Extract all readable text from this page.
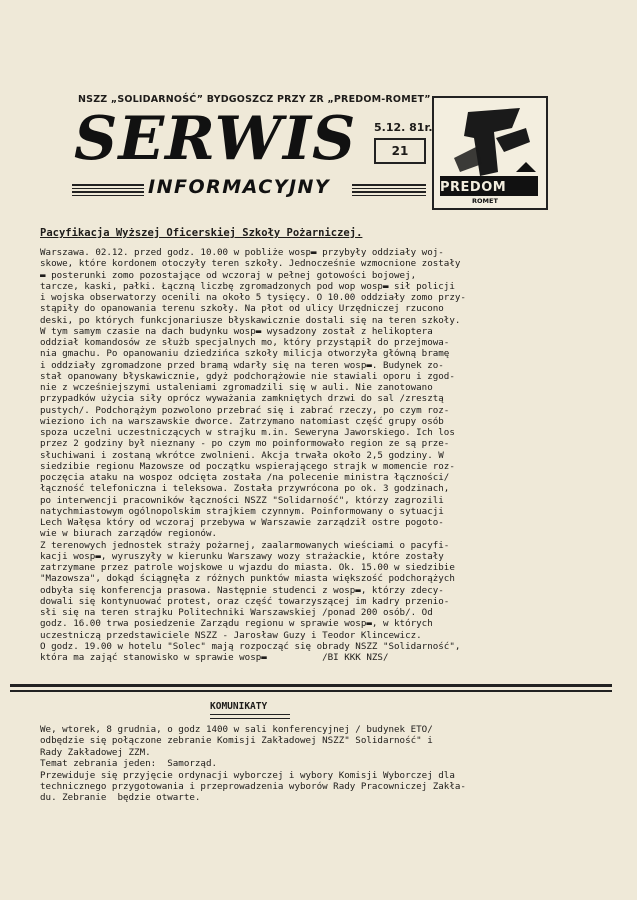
NSZZ „SOLIDARNOŚĆ” BYDGOSZCZ PRZY ZR „PREDOM-ROMET”
SERWIS
INFORMACYJNY
5.12. 81r.
21
PREDOM
ROMET
Pacyfikacja Wyższej Oficerskiej Szkoły Pożarniczej.
Warszawa. 02.12. przed godz. 10.00 w pobliże wosp▬ przybyły oddziały woj-
skowe, które kordonem otoczyły teren szkoły. Jednocześnie wzmocnione zostały
▬ posterunki zomo pozostające od wczoraj w pełnej gotowości bojowej,
tarcze, kaski, pałki. Łączną liczbę zgromadzonych pod wop wosp▬ sił policji
i wojska obserwatorzy ocenili na około 5 tysięcy. O 10.00 oddziały zomo przy-
stąpiły do opanowania terenu szkoły. Na płot od ulicy Urzędniczej rzucono
deski, po których funkcjonariusze błyskawicznie dostali się na teren szkoły.
W tym samym czasie na dach budynku wosp▬ wysadzony został z helikoptera
oddział komandosów ze służb specjalnych mo, który przystąpił do przejmowa-
nia gmachu. Po opanowaniu dziedzińca szkoły milicja otworzyła główną bramę
i oddziały zgromadzone przed bramą wdarły się na teren wosp▬. Budynek zo-
stał opanowany błyskawicznie, gdyż podchorążowie nie stawiali oporu i zgod-
nie z wcześniejszymi ustaleniami zgromadzili się w auli. Nie zanotowano
przypadków użycia siły oprócz wyważania zamkniętych drzwi do sal /zresztą
pustych/. Podchorążym pozwolono przebrać się i zabrać rzeczy, po czym roz-
wieziono ich na warszawskie dworce. Zatrzymano natomiast część grupy osób
spoza uczelni uczestniczących w strajku m.in. Seweryna Jaworskiego. Ich los
przez 2 godziny był nieznany - po czym mo poinformowało region ze są prze-
słuchiwani i zostaną wkrótce zwolnieni. Akcja trwała około 2,5 godziny. W
siedzibie regionu Mazowsze od początku wspierającego strajk w momencie roz-
poczęcia ataku na wospoz odcięta została /na polecenie ministra łączności/
łączność telefoniczna i teleksowa. Została przywrócona po ok. 3 godzinach,
po interwencji pracowników łączności NSZZ "Solidarność", którzy zagrozili
natychmiastowym ogólnopolskim strajkiem czynnym. Poinformowany o sytuacji
Lech Wałęsa który od wczoraj przebywa w Warszawie zarządził ostre pogoto-
wie w biurach zarządów regionów.
Z terenowych jednostek straży pożarnej, zaalarmowanych wieściami o pacyfi-
kacji wosp▬, wyruszyły w kierunku Warszawy wozy strażackie, które zostały
zatrzymane przez patrole wojskowe u wjazdu do miasta. Ok. 15.00 w siedzibie
"Mazowsza", dokąd ściągnęła z różnych punktów miasta większość podchorążych
odbyła się konferencja prasowa. Następnie studenci z wosp▬, którzy zdecy-
dowali się kontynuować protest, oraz część towarzyszącej im kadry przenio-
słi się na teren strajku Politechniki Warszawskiej /ponad 200 osób/. Od
godz. 16.00 trwa posiedzenie Zarządu regionu w sprawie wosp▬, w których
uczestniczą przedstawiciele NSZZ - Jarosław Guzy i Teodor Klincewicz.
O godz. 19.00 w hotelu "Solec" mają rozpocząć się obrady NSZZ "Solidarność",
która ma zająć stanowisko w sprawie wosp▬          /BI KKK NZS/
KOMUNIKATY
We, wtorek, 8 grudnia, o godz 1400 w sali konferencyjnej / budynek ETO/
odbędzie się połączone zebranie Komisji Zakładowej NSZZ" Solidarność" i
Rady Zakładowej ZZM.
Temat zebrania jeden:  Samorząd.
Przewiduje się przyjęcie ordynacji wyborczej i wybory Komisji Wyborczej dla
technicznego przygotowania i przeprowadzenia wyborów Rady Pracowniczej Zakła-
du. Zebranie  będzie otwarte.
